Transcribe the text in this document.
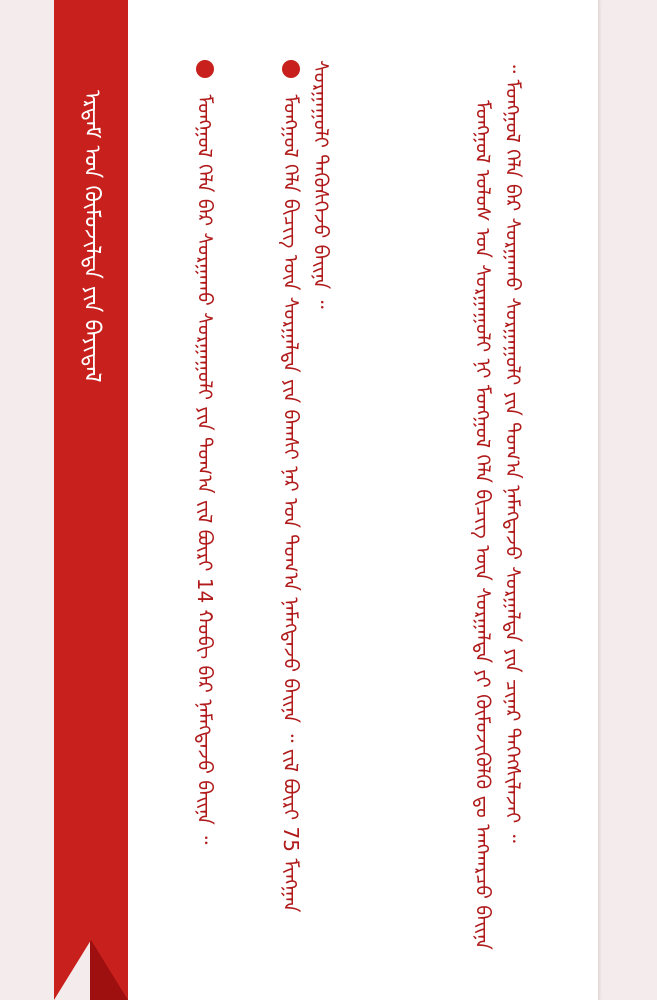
ᠡᠷᠳᠡᠮ ᠤᠨ ᠬᠦᠮᠦᠵᠢᠯᠲᠡ ᠶᠢᠨ ᠪᠠᠶᠢᠳᠠᠯ	ᠮᠣᠩᠭᠣᠯ ᠤᠯᠤᠰ ᠤᠨ ᠰᠤᠷᠭᠠᠭᠤᠯᠢ ᠨᠢ ᠮᠣᠩᠭᠣᠯ ᠬᠡᠯᠡ ᠪᠢᠴᠢᠭ ᠦᠨ ᠰᠤᠷᠭᠠᠯᠲᠠ ᠶᠢ ᠬᠦᠮᠦᠵᠢᠭᠦᠯᠬᠦ ᠳᠤ ᠠᠩᠬᠠᠷᠴᠤ ᠪᠠᠢᠨᠠ ᠃ ᠮᠣᠩᠭᠣᠯ ᠬᠡᠯᠡ ᠪᠡᠷ ᠰᠤᠷᠭᠠᠬᠤ ᠰᠤᠷᠭᠠᠭᠤᠯᠢ ᠶᠢᠨ ᠲᠣᠭ᠎ᠠ ᠨᠡᠮᠡᠭᠳᠡᠵᠦ ᠰᠤᠷᠭᠠᠯᠲᠠ ᠶᠢᠨ ᠴᠢᠨᠠᠷ ᠳᠡᠭᠡᠭᠰᠢᠯᠡᠵᠡᠢ ᠃

ᠮᠣᠩᠭᠣᠯ ᠬᠡᠯᠡ ᠪᠢᠴᠢᠭ ᠦᠨ ᠰᠤᠷᠭᠠᠯᠲᠠ ᠶᠢᠨ ᠪᠠᠭᠰᠢ ᠨᠠᠷ ᠤᠨ ᠲᠣᠭ᠎ᠠ ᠨᠡᠮᠡᠭᠳᠡᠵᠦ ᠪᠠᠢᠨᠠ ᠃ ᠵᠢᠯ ᠪᠦᠷᠢ 75 ᠮᠢᠩᠭᠠᠨ ᠰᠤᠷᠭᠠᠭᠤᠯᠢ ᠲᠡᠭᠦᠰᠭᠡᠵᠦ ᠪᠠᠢᠨᠠ ᠃
ᠮᠣᠩᠭᠣᠯ ᠬᠡᠯᠡ ᠪᠡᠷ ᠰᠤᠷᠭᠠᠬᠤ ᠰᠤᠷᠭᠠᠭᠤᠯᠢ ᠶᠢᠨ ᠲᠣᠭ᠎ᠠ ᠵᠢᠯ ᠪᠦᠷᠢ 14 ᠬᠤᠪᠢ ᠪᠡᠷ ᠨᠡᠮᠡᠭᠳᠡᠵᠦ ᠪᠠᠢᠨᠠ ᠃
